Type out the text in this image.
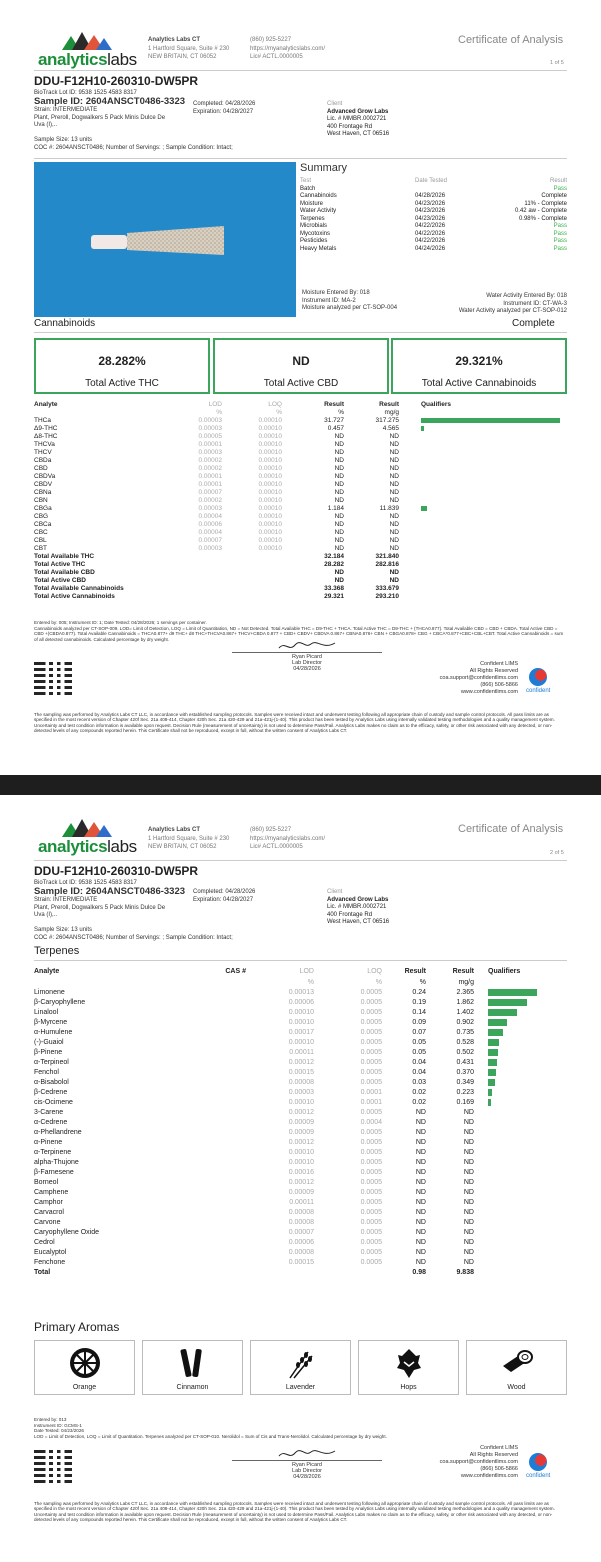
analyticslabs
Analytics Labs CT
1 Hartford Square, Suite # 230
NEW BRITAIN, CT 06052
(860) 925-5227
https://myanalyticslabs.com/
Lic# ACTL.0000005
Certificate of Analysis
1 of 5
DDU-F12H10-260310-DW5PR
BioTrack Lot ID: 9538 1525 4583 8317
Sample ID: 2604ANSCT0486-3323
Strain: INTERMEDIATE
Plant, Preroll, Dogwalkers 5 Pack Minis Dulce De
Uva (I),..

Sample Size: 13 units
COC #: 2604ANSCT0486; Number of Servings: ; Sample Condition: Intact;
Completed: 04/28/2026
Expiration: 04/28/2027
Client
Advanced Grow Labs
Lic. # MMBR.0002721
400 Frontage Rd
West Haven, CT 06516
Summary
Test	Date Tested	Result
Batch	Pass
Cannabinoids	04/28/2026	Complete
Moisture	04/23/2026	11% - Complete
Water Activity	04/23/2026	0.42 aw - Complete
Terpenes	04/23/2026	0.98% - Complete
Microbials	04/22/2026	Pass
Mycotoxins	04/22/2026	Pass
Pesticides	04/22/2026	Pass
Heavy Metals	04/24/2026	Pass
Moisture Entered By: 018
Instrument ID: MA-2
Moisture analyzed per CT-SOP-004
Water Activity Entered By: 018
Instrument ID: CT-WA-3
Water Activity analyzed per CT-SOP-012
Cannabinoids	Complete
28.282%
Total Active THC
ND
Total Active CBD
29.321%
Total Active Cannabinoids
Analyte	LOD	LOQ	Result	Result	Qualifiers
	%	%	%	mg/g	
THCa	0.00003	0.00010	31.727	317.275	
Δ9-THC	0.00003	0.00010	0.457	4.565	
Δ8-THC	0.00005	0.00010	ND	ND	
THCVa	0.00001	0.00010	ND	ND	
THCV	0.00003	0.00010	ND	ND	
CBDa	0.00002	0.00010	ND	ND	
CBD	0.00002	0.00010	ND	ND	
CBDVa	0.00001	0.00010	ND	ND	
CBDV	0.00001	0.00010	ND	ND	
CBNa	0.00007	0.00010	ND	ND	
CBN	0.00002	0.00010	ND	ND	
CBGa	0.00003	0.00010	1.184	11.839	
CBG	0.00004	0.00010	ND	ND	
CBCa	0.00006	0.00010	ND	ND	
CBC	0.00004	0.00010	ND	ND	
CBL	0.00007	0.00010	ND	ND	
CBT	0.00003	0.00010	ND	ND	
Total Available THC			32.184	321.840	
Total Active THC			28.282	282.816	
Total Available CBD			ND	ND	
Total Active CBD			ND	ND	
Total Available Cannabinoids			33.368	333.679	
Total Active Cannabinoids			29.321	293.210	
Entered by: 005; Instrument ID: 1; Date Tested: 04/28/2026; 1 servings per container.
Cannabinoids analyzed per CT-SOP-009. LOD= Limit of Detection, LOQ = Limit of Quantitation, ND = Not Detected. Total Available THC = D9-THC + THCA. Total Active THC = D9-THC + (THCA0.877). Total Available CBD = CBD + CBDA. Total Active CBD = CBD +(CBDA0.877). Total Available Cannabinoids = THCA0.877+ d9 THC+ d8 THC+THCVA0.867+ THCV+CBDA 0.877 + CBD+ CBDV+ CBDVA 0.867+ CBNA0.876+ CBN + CBGA0.878+ CBG + CBCA*0.877+CBC+CBL+CBT. Total Active Cannabinoids = sum of all detected cannabinoids. Calculated percentage by dry weight.
Ryan Picard
Lab Director
04/28/2026
Confident LIMS
All Rights Reserved
coa.support@confidentlims.com
(866) 506-5866
www.confidentlims.com confident
The sampling was performed by Analytics Labs CT LLC, in accordance with established sampling protocols. Samples were received intact and underwent testing following all appropriate chain of custody and sample control protocols. All pass limits are as specified in the most recent version of Chapter 420f Sec. 21a 408-414, Chapter 420h Sec. 21a 420-429 and 21a-421j-(1-40). This product has been tested by Analytics Labs using internally validated testing methodologies and a quality management system. Uncertainty and test condition information is available upon request. Decision Rule (measurement of uncertainty) is not used to determine Pass/Fail. Analytics Labs makes no claim as to the efficacy, safety, or other risk associated with any detected, or non-detected levels of any compounds reported herein. This Certificate shall not be reproduced, except in full, without the written consent of Analytics Labs CT.
analyticslabs
Analytics Labs CT
1 Hartford Square, Suite # 230
NEW BRITAIN, CT 06052
(860) 925-5227
https://myanalyticslabs.com/
Lic# ACTL.0000005
Certificate of Analysis
2 of 5
DDU-F12H10-260310-DW5PR
BioTrack Lot ID: 9538 1525 4583 8317
Sample ID: 2604ANSCT0486-3323
Strain: INTERMEDIATE
Plant, Preroll, Dogwalkers 5 Pack Minis Dulce De
Uva (I),..

Sample Size: 13 units
COC #: 2604ANSCT0486; Number of Servings: ; Sample Condition: Intact;
Completed: 04/28/2026
Expiration: 04/28/2027
Client
Advanced Grow Labs
Lic. # MMBR.0002721
400 Frontage Rd
West Haven, CT 06516
Terpenes
Analyte	CAS #	LOD	LOQ	Result	Result	Qualifiers
		%	%	%	mg/g	
Limonene		0.00013	0.0005	0.24	2.365	
β-Caryophyllene		0.00006	0.0005	0.19	1.862	
Linalool		0.00010	0.0005	0.14	1.402	
β-Myrcene		0.00010	0.0005	0.09	0.902	
α-Humulene		0.00017	0.0005	0.07	0.735	
(-)-Guaiol		0.00010	0.0005	0.05	0.528	
β-Pinene		0.00011	0.0005	0.05	0.502	
α-Terpineol		0.00012	0.0005	0.04	0.431	
Fenchol		0.00015	0.0005	0.04	0.370	
α-Bisabolol		0.00008	0.0005	0.03	0.349	
β-Cedrene		0.00003	0.0001	0.02	0.223	
cis-Ocimene		0.00010	0.0001	0.02	0.169	
3-Carene		0.00012	0.0005	ND	ND	
α-Cedrene		0.00009	0.0004	ND	ND	
α-Phellandrene		0.00009	0.0005	ND	ND	
α-Pinene		0.00012	0.0005	ND	ND	
α-Terpinene		0.00010	0.0005	ND	ND	
alpha-Thujone		0.00010	0.0005	ND	ND	
β-Farnesene		0.00016	0.0005	ND	ND	
Borneol		0.00012	0.0005	ND	ND	
Camphene		0.00009	0.0005	ND	ND	
Camphor		0.00011	0.0005	ND	ND	
Carvacrol		0.00008	0.0005	ND	ND	
Carvone		0.00008	0.0005	ND	ND	
Caryophyllene Oxide		0.00007	0.0005	ND	ND	
Cedrol		0.00006	0.0005	ND	ND	
Eucalyptol		0.00008	0.0005	ND	ND	
Fenchone		0.00015	0.0005	ND	ND	
Total				0.98	9.838	
Primary Aromas
Orange	Cinnamon	Lavender	Hops	Wood
Entered by: 013
Instrument ID: GCMS-1
Date Tested: 04/23/2026
LOD = Limit of Detection, LOQ = Limit of Quantitation. Terpenes analyzed per CT-SOP-010. Nerolidol = Sum of Cis and Trans-Nerolidol. Calculated percentage by dry weight.
Ryan Picard
Lab Director
04/28/2026
Confident LIMS
All Rights Reserved
coa.support@confidentlims.com
(866) 506-5866
www.confidentlims.com confident
The sampling was performed by Analytics Labs CT LLC, in accordance with established sampling protocols. Samples were received intact and underwent testing following all appropriate chain of custody and sample control protocols. All pass limits are as specified in the most recent version of Chapter 420f Sec. 21a 408-414, Chapter 420h Sec. 21a 420-429 and 21a-421j-(1-40). This product has been tested by Analytics Labs using internally validated testing methodologies and a quality management system. Uncertainty and test condition information is available upon request. Decision Rule (measurement of uncertainty) is not used to determine Pass/Fail. Analytics Labs makes no claim as to the efficacy, safety, or other risk associated with any detected, or non-detected levels of any compounds reported herein. This Certificate shall not be reproduced, except in full, without the written consent of Analytics Labs CT.
